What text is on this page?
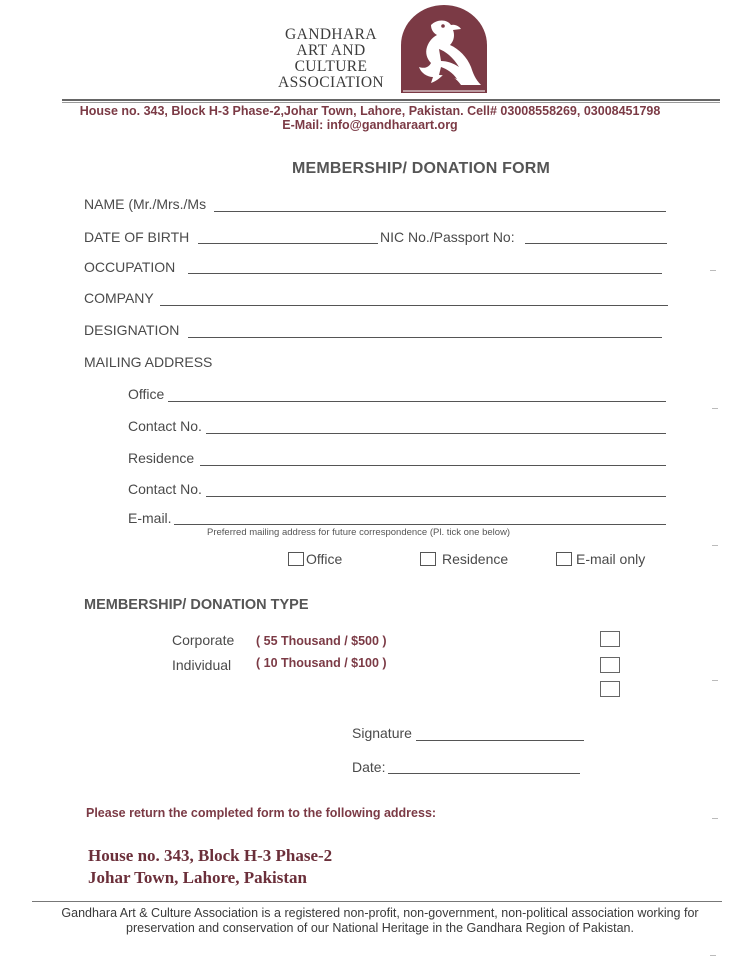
GANDHARA
ART AND
CULTURE
ASSOCIATION
House no. 343, Block H-3 Phase-2,Johar Town, Lahore, Pakistan. Cell# 03008558269, 03008451798
E-Mail: info@gandharaart.org
MEMBERSHIP/ DONATION FORM
NAME (Mr./Mrs./Ms
DATE OF BIRTH	NIC No./Passport No:
OCCUPATION
COMPANY
DESIGNATION
MAILING ADDRESS
Office
Contact No.
Residence
Contact No.
E-mail.
Preferred mailing address for future correspondence (Pl. tick one below)
Office	Residence	E-mail only
MEMBERSHIP/ DONATION TYPE
Corporate ( 55 Thousand / $500 )
Individual ( 10 Thousand / $100 )
Signature
Date:
Please return the completed form to the following address:
House no. 343, Block H-3 Phase-2
Johar Town, Lahore, Pakistan
Gandhara Art & Culture Association is a registered non-profit, non-government, non-political association working for
preservation and conservation of our National Heritage in the Gandhara Region of Pakistan.
